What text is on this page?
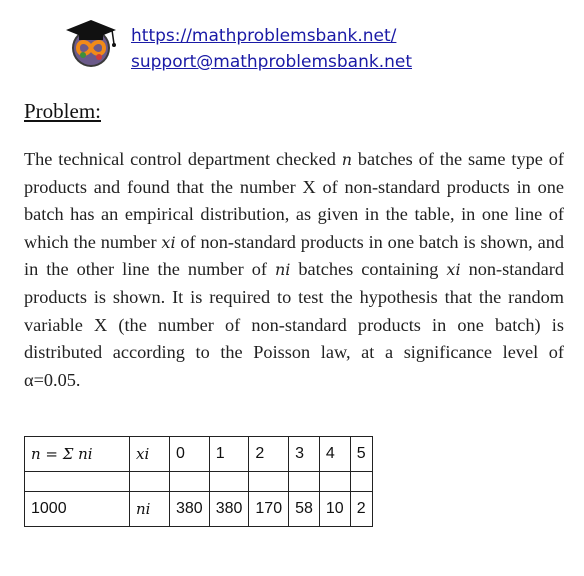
https://mathproblemsbank.net/
support@mathproblemsbank.net
Problem:

The technical control department checked n batches of the same type of products and found that the number X of non-standard products in one batch has an empirical distribution, as given in the table, in one line of which the number xi of non-standard products in one batch is shown, and in the other line the number of ni batches containing xi non-standard products is shown. It is required to test the hypothesis that the random variable X (the number of non-standard products in one batch) is distributed according to the Poisson law, at a significance level of α=0.05.

n = Σ ni	xi	0	1	2	3	4	5

1000	ni	380	380	170	58	10	2
